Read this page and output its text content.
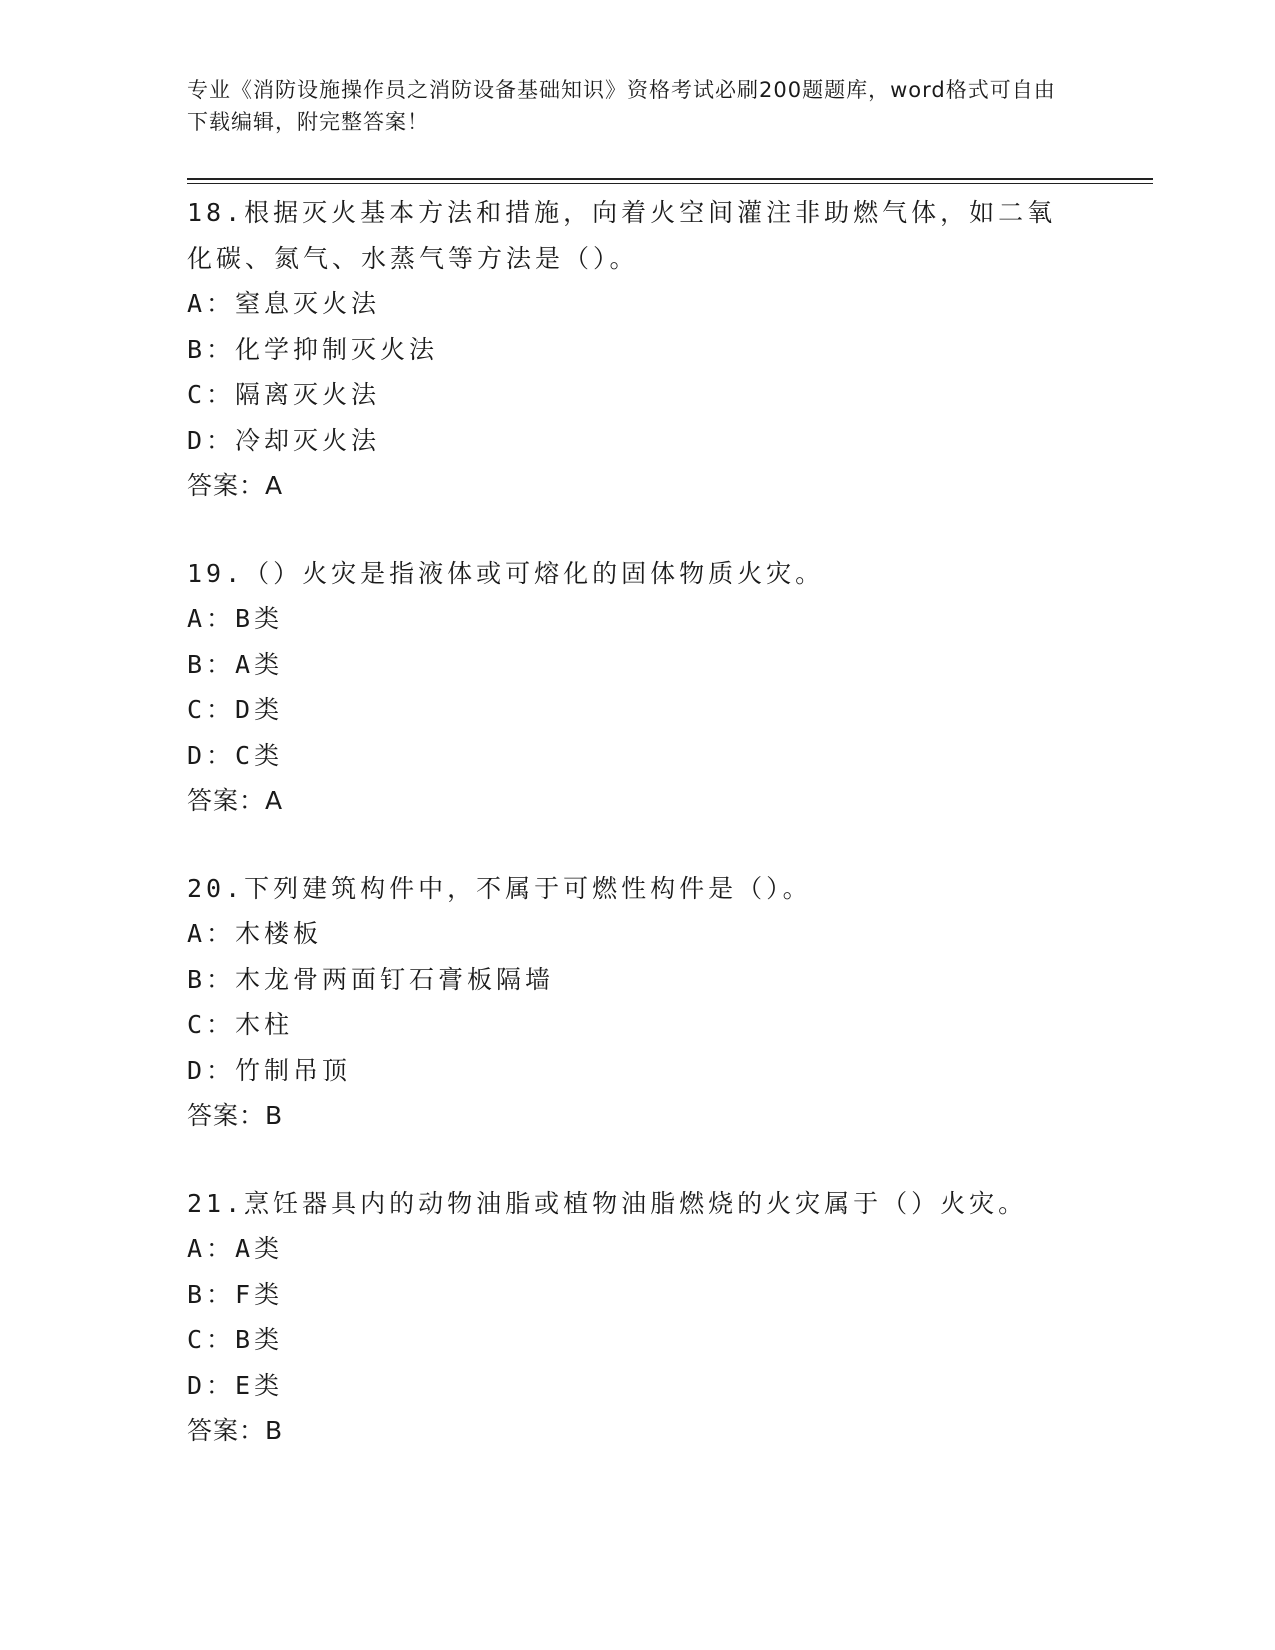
专业《消防设施操作员之消防设备基础知识》资格考试必刷200题题库，word格式可自由下载编辑，附完整答案！
18.根据灭火基本方法和措施，向着火空间灌注非助燃气体，如二氧化碳、氮气、水蒸气等方法是（）。
A：窒息灭火法
B：化学抑制灭火法
C：隔离灭火法
D：冷却灭火法
答案：A
19.（）火灾是指液体或可熔化的固体物质火灾。
A：B类
B：A类
C：D类
D：C类
答案：A
20.下列建筑构件中，不属于可燃性构件是（）。
A：木楼板
B：木龙骨两面钉石膏板隔墙
C：木柱
D：竹制吊顶
答案：B
21.烹饪器具内的动物油脂或植物油脂燃烧的火灾属于（）火灾。
A：A类
B：F类
C：B类
D：E类
答案：B
